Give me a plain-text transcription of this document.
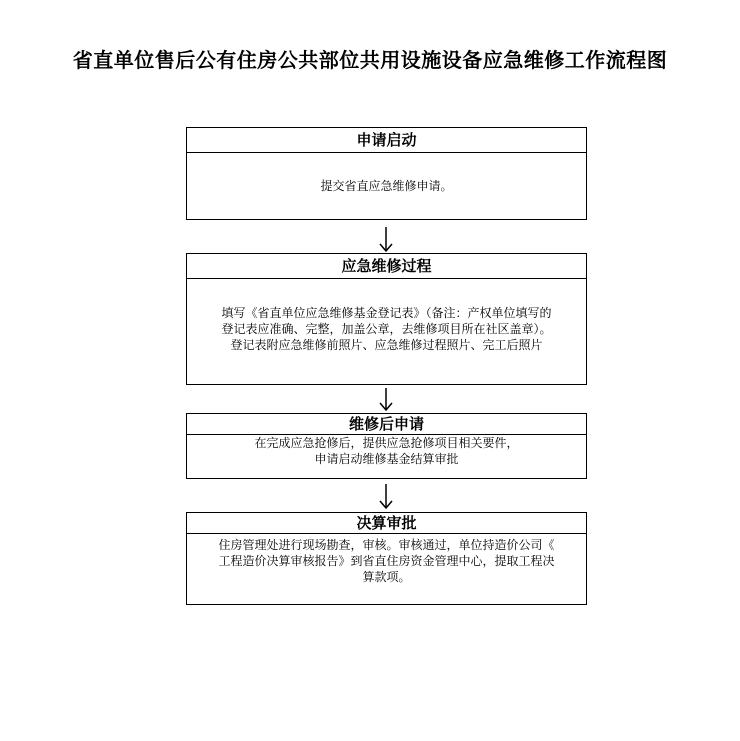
省直单位售后公有住房公共部位共用设施设备应急维修工作流程图
申请启动
提交省直应急维修申请。
应急维修过程
填写《省直单位应急维修基金登记表》（备注：产权单位填写的
登记表应准确、完整，加盖公章，去维修项目所在社区盖章）。
登记表附应急维修前照片、应急维修过程照片、完工后照片
维修后申请
在完成应急抢修后，提供应急抢修项目相关要件，
申请启动维修基金结算审批
决算审批
住房管理处进行现场勘查，审核。审核通过，单位持造价公司《
工程造价决算审核报告》到省直住房资金管理中心，提取工程决
算款项。
